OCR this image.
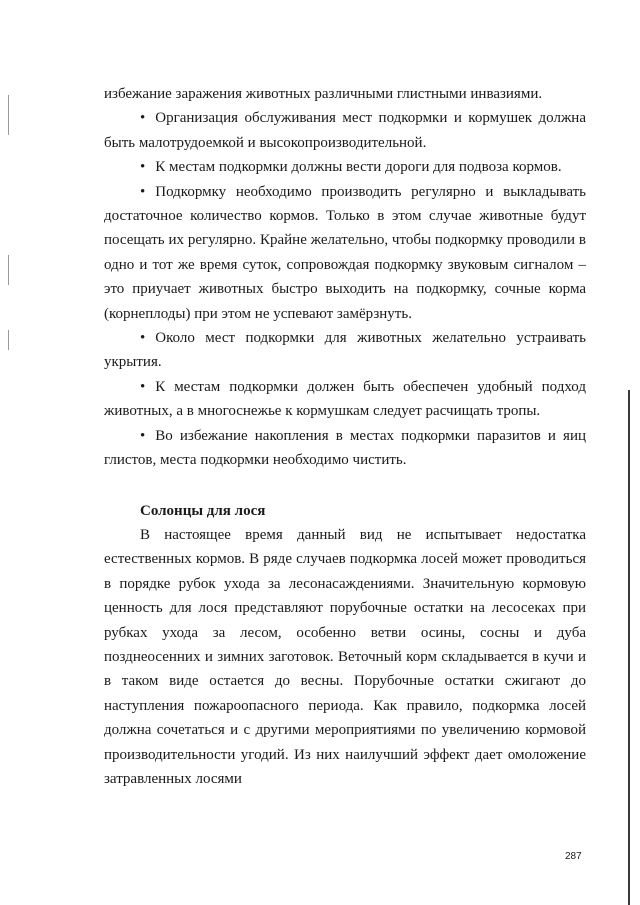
избежание заражения животных различными глистными инвазиями.

• Организация обслуживания мест подкормки и кормушек должна быть малотрудоемкой и высокопроизводительной.

• К местам подкормки должны вести дороги для подвоза кормов.

• Подкормку необходимо производить регулярно и выкладывать достаточное количество кормов. Только в этом случае животные будут посещать их регулярно. Крайне желательно, чтобы подкормку проводили в одно и тот же время суток, сопровождая подкормку звуковым сигналом – это приучает животных быстро выходить на подкормку, сочные корма (корнеплоды) при этом не успевают замёрзнуть.

• Около мест подкормки для животных желательно устраивать укрытия.

• К местам подкормки должен быть обеспечен удобный подход животных, а в многоснежье к кормушкам следует расчищать тропы.

• Во избежание накопления в местах подкормки паразитов и яиц глистов, места подкормки необходимо чистить.

Солонцы для лося

В настоящее время данный вид не испытывает недостатка естественных кормов. В ряде случаев подкормка лосей может проводиться в порядке рубок ухода за лесонасаждениями. Значительную кормовую ценность для лося представляют порубочные остатки на лесосеках при рубках ухода за лесом, особенно ветви осины, сосны и дуба позднеосенних и зимних заготовок. Веточный корм складывается в кучи и в таком виде остается до весны. Порубочные остатки сжигают до наступления пожароопасного периода. Как правило, подкормка лосей должна сочетаться и с другими мероприятиями по увеличению кормовой производительности угодий. Из них наилучший эффект дает омоложение затравленных лосями

287
